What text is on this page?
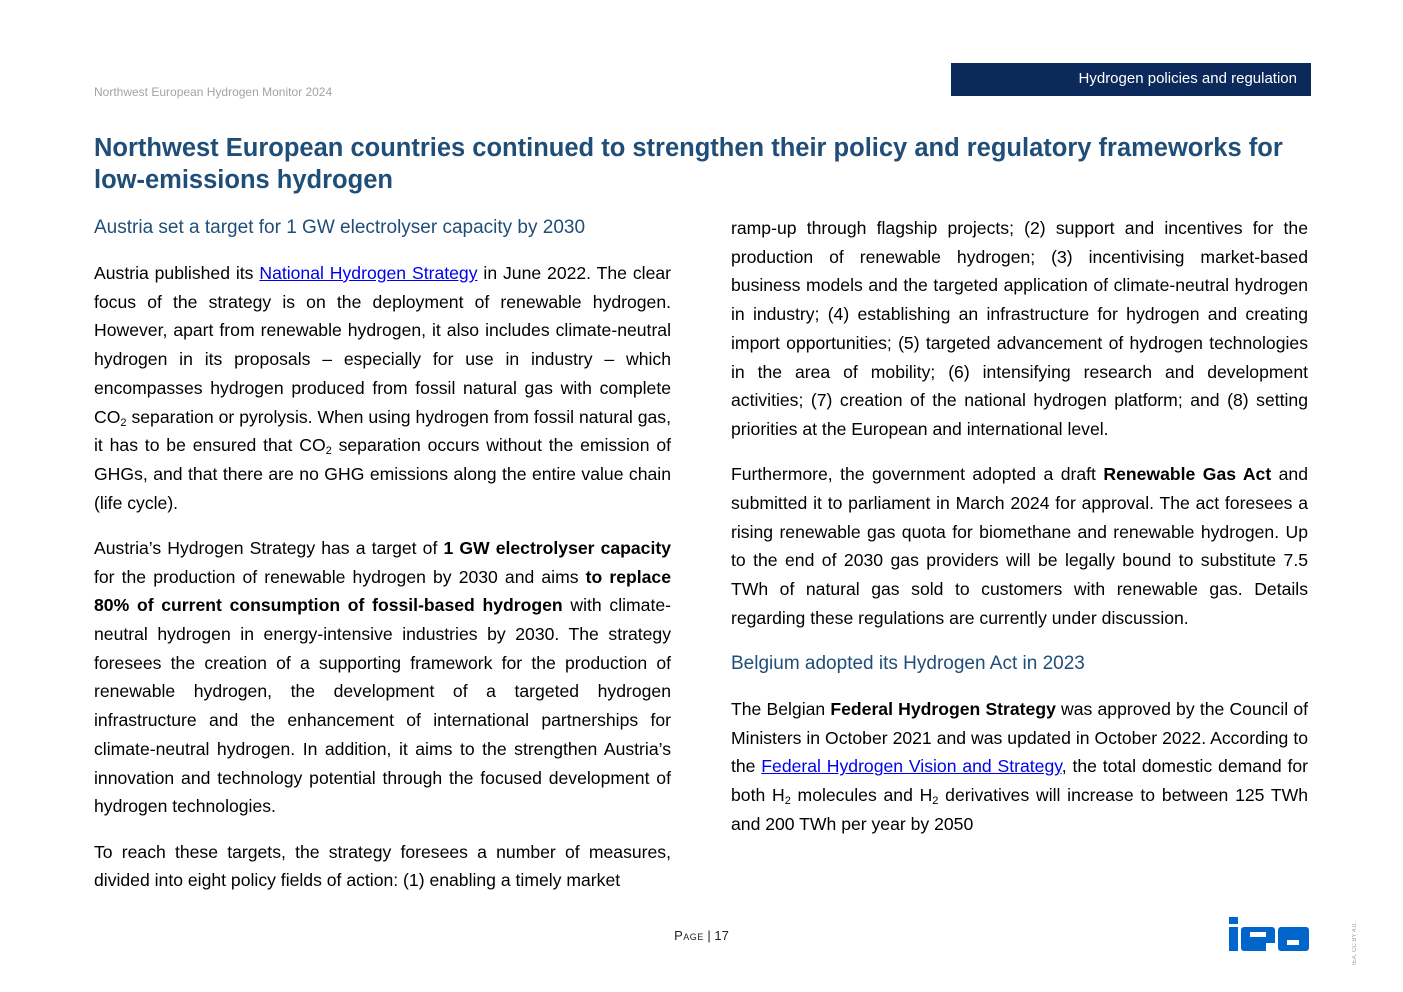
Northwest European Hydrogen Monitor 2024
Hydrogen policies and regulation
Northwest European countries continued to strengthen their policy and regulatory frameworks for low-emissions hydrogen
Austria set a target for 1 GW electrolyser capacity by 2030

Austria published its National Hydrogen Strategy in June 2022. The clear focus of the strategy is on the deployment of renewable hydrogen. However, apart from renewable hydrogen, it also includes climate-neutral hydrogen in its proposals – especially for use in industry – which encompasses hydrogen produced from fossil natural gas with complete $CO_2$ separation or pyrolysis. When using hydrogen from fossil natural gas, it has to be ensured that $CO_2$ separation occurs without the emission of GHGs, and that there are no GHG emissions along the entire value chain (life cycle).

Austria’s Hydrogen Strategy has a target of 1 GW electrolyser capacity for the production of renewable hydrogen by 2030 and aims to replace 80% of current consumption of fossil-based hydrogen with climate-neutral hydrogen in energy-intensive industries by 2030. The strategy foresees the creation of a supporting framework for the production of renewable hydrogen, the development of a targeted hydrogen infrastructure and the enhancement of international partnerships for climate-neutral hydrogen. In addition, it aims to the strengthen Austria’s innovation and technology potential through the focused development of hydrogen technologies.

To reach these targets, the strategy foresees a number of measures, divided into eight policy fields of action: (1) enabling a timely market

ramp-up through flagship projects; (2) support and incentives for the production of renewable hydrogen; (3) incentivising market-based business models and the targeted application of climate-neutral hydrogen in industry; (4) establishing an infrastructure for hydrogen and creating import opportunities; (5) targeted advancement of hydrogen technologies in the area of mobility; (6) intensifying research and development activities; (7) creation of the national hydrogen platform; and (8) setting priorities at the European and international level.

Furthermore, the government adopted a draft Renewable Gas Act and submitted it to parliament in March 2024 for approval. The act foresees a rising renewable gas quota for biomethane and renewable hydrogen. Up to the end of 2030 gas providers will be legally bound to substitute 7.5 TWh of natural gas sold to customers with renewable gas. Details regarding these regulations are currently under discussion.

Belgium adopted its Hydrogen Act in 2023

The Belgian Federal Hydrogen Strategy was approved by the Council of Ministers in October 2021 and was updated in October 2022. According to the Federal Hydrogen Vision and Strategy, the total domestic demand for both $H_2$ molecules and $H_2$ derivatives will increase to between 125 TWh and 200 TWh per year by 2050

Page | 17	IEA. CC BY 4.0.
